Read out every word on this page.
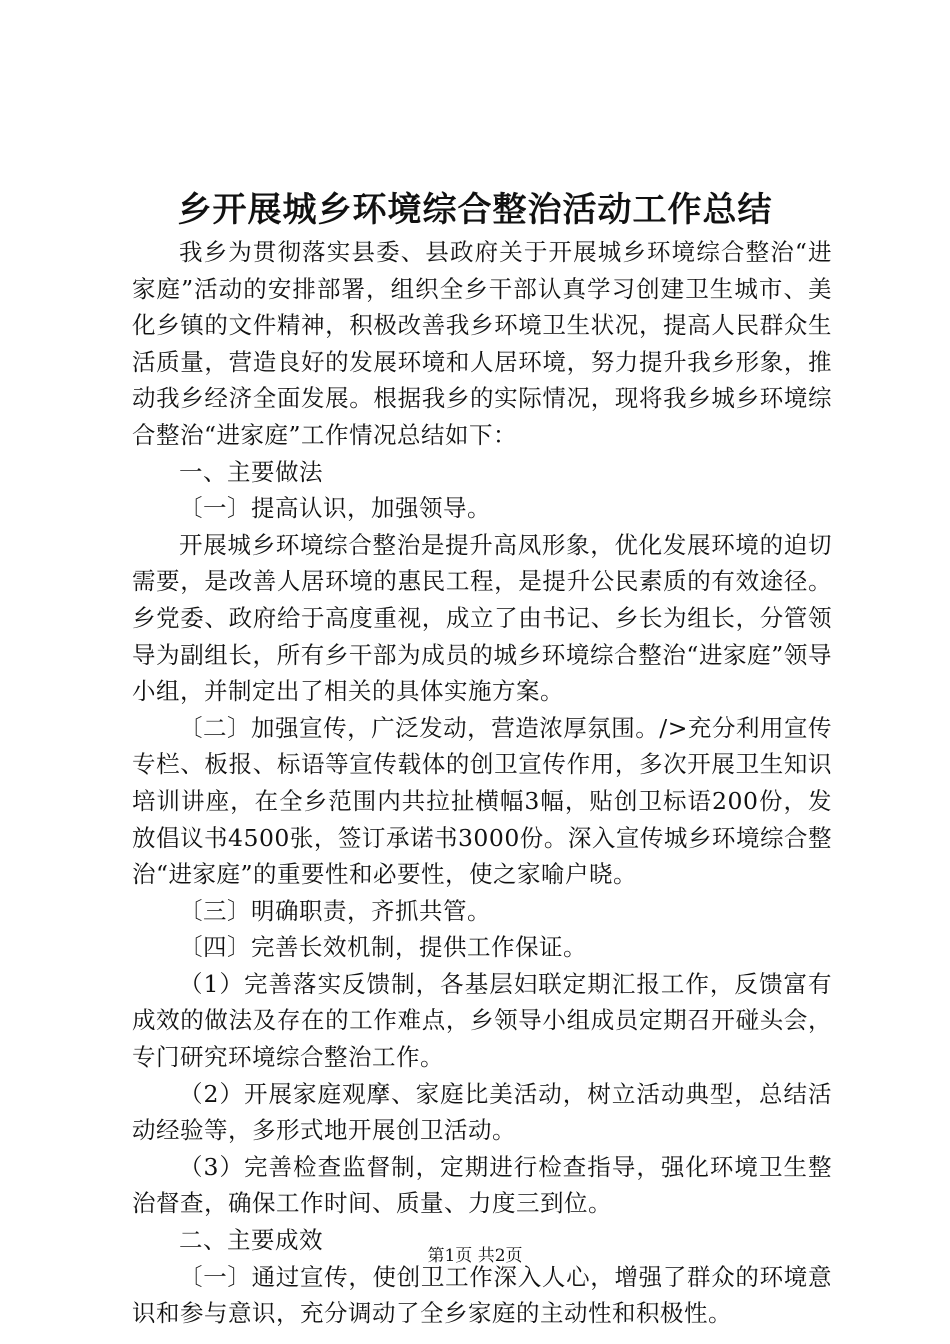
乡开展城乡环境综合整治活动工作总结

我乡为贯彻落实县委、县政府关于开展城乡环境综合整治“进家庭”活动的安排部署，组织全乡干部认真学习创建卫生城市、美化乡镇的文件精神，积极改善我乡环境卫生状况，提高人民群众生活质量，营造良好的发展环境和人居环境，努力提升我乡形象，推动我乡经济全面发展。根据我乡的实际情况，现将我乡城乡环境综合整治“进家庭”工作情况总结如下：

一、主要做法

〔一〕提高认识，加强领导。

开展城乡环境综合整治是提升高凤形象，优化发展环境的迫切需要，是改善人居环境的惠民工程，是提升公民素质的有效途径。乡党委、政府给于高度重视，成立了由书记、乡长为组长，分管领导为副组长，所有乡干部为成员的城乡环境综合整治“进家庭”领导小组，并制定出了相关的具体实施方案。

〔二〕加强宣传，广泛发动，营造浓厚氛围。/>充分利用宣传专栏、板报、标语等宣传载体的创卫宣传作用，多次开展卫生知识培训讲座，在全乡范围内共拉扯横幅3幅，贴创卫标语200份，发放倡议书4500张，签订承诺书3000份。深入宣传城乡环境综合整治“进家庭”的重要性和必要性，使之家喻户晓。

〔三〕明确职责，齐抓共管。

〔四〕完善长效机制，提供工作保证。

（1）完善落实反馈制，各基层妇联定期汇报工作，反馈富有成效的做法及存在的工作难点，乡领导小组成员定期召开碰头会，专门研究环境综合整治工作。

（2）开展家庭观摩、家庭比美活动，树立活动典型，总结活动经验等，多形式地开展创卫活动。

（3）完善检查监督制，定期进行检查指导，强化环境卫生整治督查，确保工作时间、质量、力度三到位。

二、主要成效

〔一〕通过宣传，使创卫工作深入人心，增强了群众的环境意识和参与意识，充分调动了全乡家庭的主动性和积极性。

第1页 共2页
